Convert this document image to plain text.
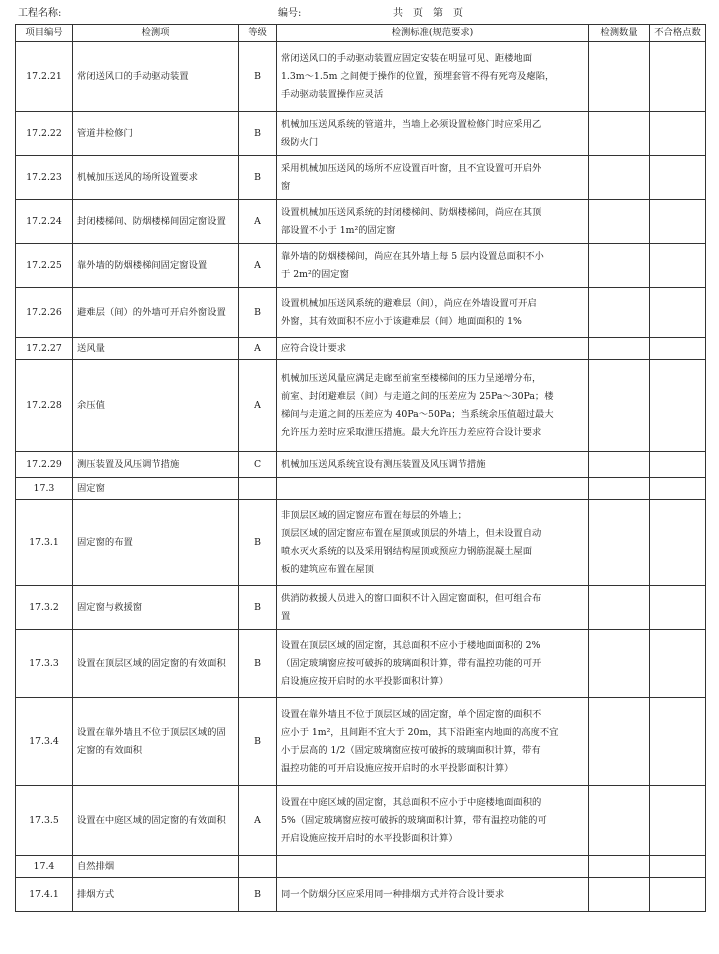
工程名称:	编号:	共　页　第　页
项目编号	检测项	等级	检测标准(规范要求)	检测数量	不合格点数
17.2.21	常闭送风口的手动驱动装置	B	常闭送风口的手动驱动装置应固定安装在明显可见、距楼地面
1.3m～1.5m 之间便于操作的位置，预埋套管不得有死弯及瘪陷，
手动驱动装置操作应灵活		

17.2.22	管道井检修门	B	机械加压送风系统的管道井，当墙上必须设置检修门时应采用乙
级防火门		

17.2.23	机械加压送风的场所设置要求	B	采用机械加压送风的场所不应设置百叶窗，且不宜设置可开启外
窗		

17.2.24	封闭楼梯间、防烟楼梯间固定窗设置	A	设置机械加压送风系统的封闭楼梯间、防烟楼梯间，尚应在其顶
部设置不小于 1m²的固定窗		

17.2.25	靠外墙的防烟楼梯间固定窗设置	A	靠外墙的防烟楼梯间，尚应在其外墙上每 5 层内设置总面积不小
于 2m²的固定窗		

17.2.26	避难层（间）的外墙可开启外窗设置	B	设置机械加压送风系统的避难层（间），尚应在外墙设置可开启
外窗，其有效面积不应小于该避难层（间）地面面积的 1%		

17.2.27	送风量	A	应符合设计要求		

17.2.28	余压值	A	机械加压送风量应满足走廊至前室至楼梯间的压力呈递增分布，
前室、封闭避难层（间）与走道之间的压差应为 25Pa～30Pa；楼
梯间与走道之间的压差应为 40Pa～50Pa；当系统余压值超过最大
允许压力差时应采取泄压措施。最大允许压力差应符合设计要求		

17.2.29	测压装置及风压调节措施	C	机械加压送风系统宜设有测压装置及风压调节措施		

17.3	固定窗				
17.3.1	固定窗的布置	B	非顶层区域的固定窗应布置在每层的外墙上；
顶层区域的固定窗应布置在屋顶或顶层的外墙上，但未设置自动
喷水灭火系统的以及采用钢结构屋顶或预应力钢筋混凝土屋面
板的建筑应布置在屋顶		

17.3.2	固定窗与救援窗	B	供消防救援人员进入的窗口面积不计入固定窗面积，但可组合布
置		

17.3.3	设置在顶层区域的固定窗的有效面积	B	设置在顶层区域的固定窗，其总面积不应小于楼地面面积的 2%
（固定玻璃窗应按可破拆的玻璃面积计算，带有温控功能的可开
启设施应按开启时的水平投影面积计算）		

17.3.4	设置在靠外墙且不位于顶层区域的固定窗的有效面积	B	设置在靠外墙且不位于顶层区域的固定窗，单个固定窗的面积不
应小于 1m²，且间距不宜大于 20m，其下沿距室内地面的高度不宜
小于层高的 1/2（固定玻璃窗应按可破拆的玻璃面积计算，带有
温控功能的可开启设施应按开启时的水平投影面积计算）		

17.3.5	设置在中庭区域的固定窗的有效面积	A	设置在中庭区域的固定窗，其总面积不应小于中庭楼地面面积的
5%（固定玻璃窗应按可破拆的玻璃面积计算，带有温控功能的可
开启设施应按开启时的水平投影面积计算）		

17.4	自然排烟				
17.4.1	排烟方式	B	同一个防烟分区应采用同一种排烟方式并符合设计要求		
